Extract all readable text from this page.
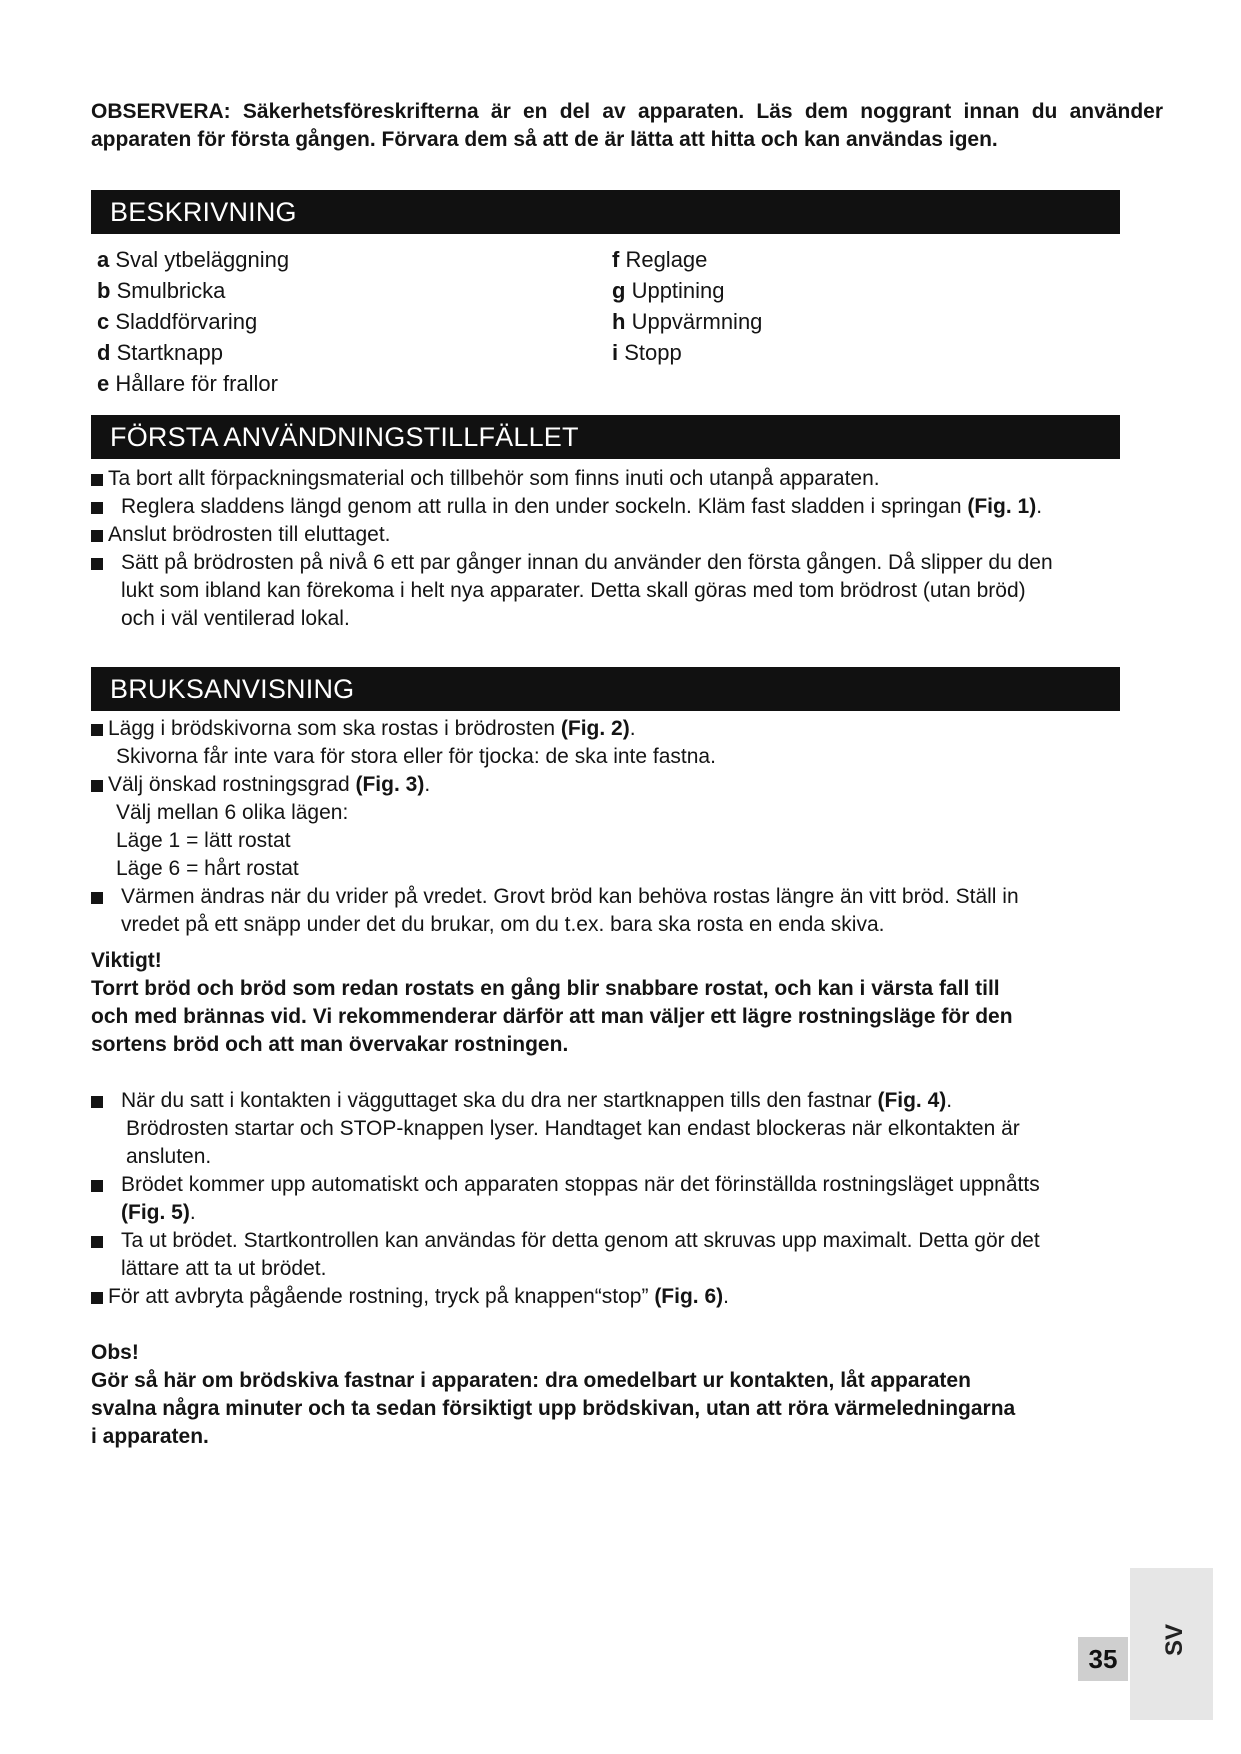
OBSERVERA: Säkerhetsföreskrifterna är en del av apparaten. Läs dem noggrant innan du använder apparaten för första gången. Förvara dem så att de är lätta att hitta och kan användas igen.

BESKRIVNING
a Sval ytbeläggning
b Smulbricka
c Sladdförvaring
d Startknapp
e Hållare för frallor
f Reglage
g Upptining
h Uppvärmning
i Stopp
FÖRSTA ANVÄNDNINGSTILLFÄLLET
Ta bort allt förpackningsmaterial och tillbehör som finns inuti och utanpå apparaten.
Reglera sladdens längd genom att rulla in den under sockeln. Kläm fast sladden i springan (Fig. 1).
Anslut brödrosten till eluttaget.
Sätt på brödrosten på nivå 6 ett par gånger innan du använder den första gången. Då slipper du den
lukt som ibland kan förekoma i helt nya apparater. Detta skall göras med tom brödrost (utan bröd)
och i väl ventilerad lokal.
BRUKSANVISNING
Lägg i brödskivorna som ska rostas i brödrosten (Fig. 2).
Skivorna får inte vara för stora eller för tjocka: de ska inte fastna.
Välj önskad rostningsgrad (Fig. 3).
Välj mellan 6 olika lägen:
Läge 1 = lätt rostat
Läge 6 = hårt rostat
Värmen ändras när du vrider på vredet. Grovt bröd kan behöva rostas längre än vitt bröd. Ställ in
vredet på ett snäpp under det du brukar, om du t.ex. bara ska rosta en enda skiva.
Viktigt!
Torrt bröd och bröd som redan rostats en gång blir snabbare rostat, och kan i värsta fall till
och med brännas vid. Vi rekommenderar därför att man väljer ett lägre rostningsläge för den
sortens bröd och att man övervakar rostningen.
När du satt i kontakten i vägguttaget ska du dra ner startknappen tills den fastnar (Fig. 4).
Brödrosten startar och STOP-knappen lyser. Handtaget kan endast blockeras när elkontakten är
ansluten.
Brödet kommer upp automatiskt och apparaten stoppas när det förinställda rostningsläget uppnåtts
(Fig. 5).
Ta ut brödet. Startkontrollen kan användas för detta genom att skruvas upp maximalt. Detta gör det
lättare att ta ut brödet.
För att avbryta pågående rostning, tryck på knappen“stop” (Fig. 6).
Obs!
Gör så här om brödskiva fastnar i apparaten: dra omedelbart ur kontakten, låt apparaten
svalna några minuter och ta sedan försiktigt upp brödskivan, utan att röra värmeledningarna
i apparaten.
SV
35
